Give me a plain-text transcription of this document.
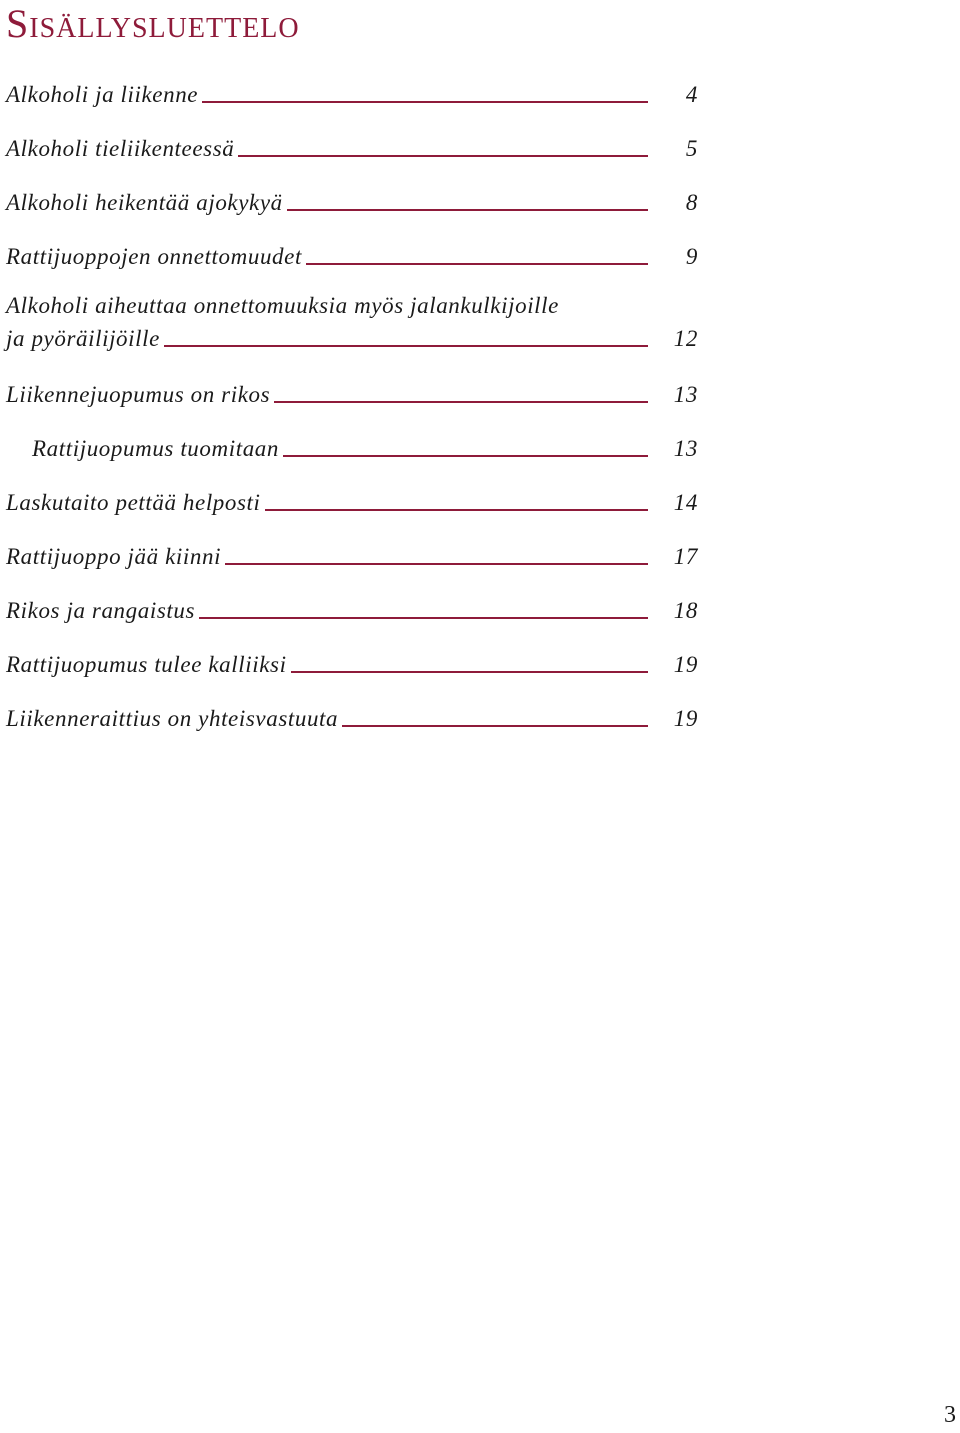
Sisällysluettelo
Alkoholi ja liikenne	4
Alkoholi tieliikenteessä	5
Alkoholi heikentää ajokykyä	8
Rattijuoppojen onnettomuudet	9
Alkoholi aiheuttaa onnettomuuksia myös jalankulkijoille
ja pyöräilijöille	12
Liikennejuopumus on rikos	13
Rattijuopumus tuomitaan	13
Laskutaito pettää helposti	14
Rattijuoppo jää kiinni	17
Rikos ja rangaistus	18
Rattijuopumus tulee kalliiksi	19
Liikenneraittius on yhteisvastuuta	19
3
